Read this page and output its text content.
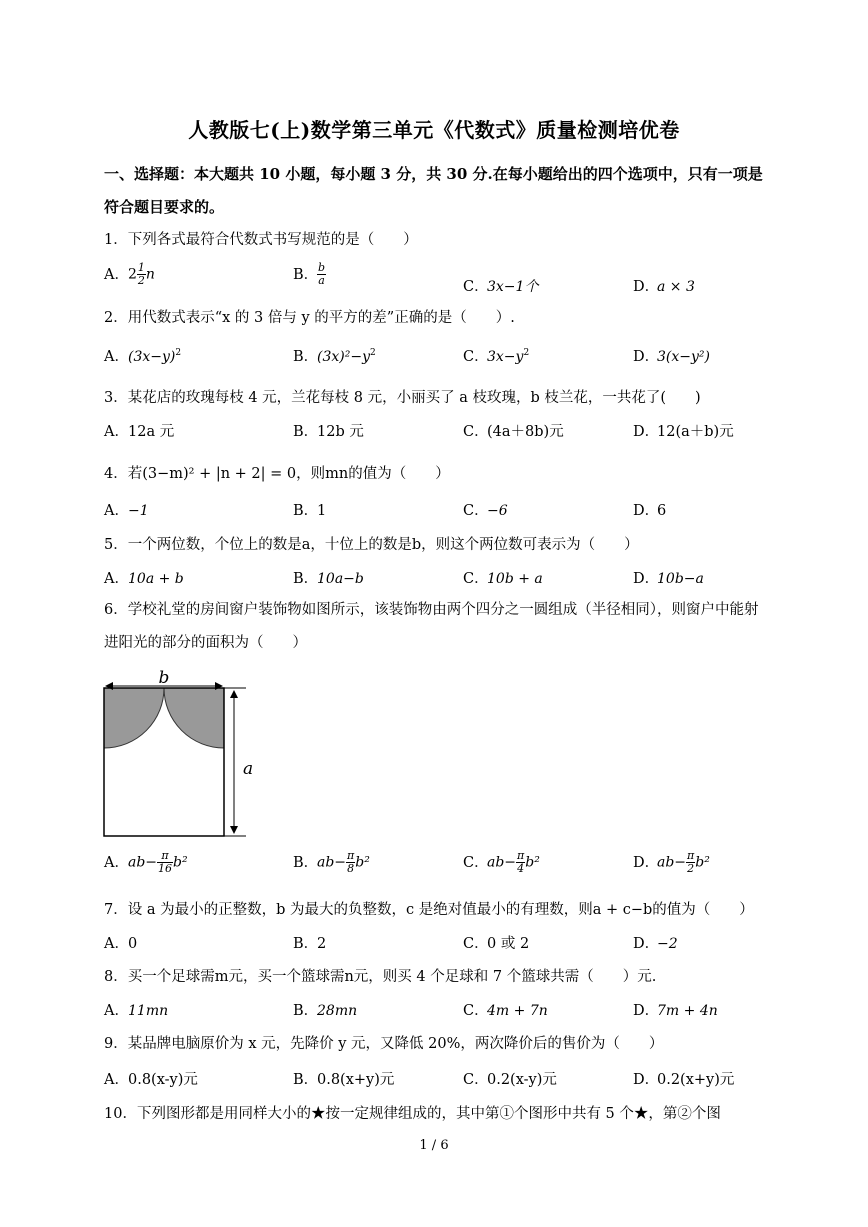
人教版七(上)数学第三单元《代数式》质量检测培优卷
一、选择题：本大题共 10 小题，每小题 3 分，共 30 分.在每小题给出的四个选项中，只有一项是符合题目要求的。
1．下列各式最符合代数式书写规范的是（　　）
A．$2 \frac{1}{2}$ n	B．
$\frac{b}{a}$	C．3x−1个	D．a × 3
2．用代数式表示“x 的 3 倍与 y 的平方的差”正确的是（　　）.
A．$(3x-y)^2$	B．$(3x)^2-y^2$	C．$3x-y^2$	D．3(x−y²)
3．某花店的玫瑰每枝 4 元，兰花每枝 8 元，小丽买了 a 枝玫瑰，b 枝兰花，一共花了(　　)
A．12a 元	B．12b 元	C．(4a＋8b)元	D．12(a＋b)元
4．若(3−m)² + |n + 2| = 0，则mn的值为（　　）
A．−1	B．1	C．−6	D．6
5．一个两位数，个位上的数是a，十位上的数是b，则这个两位数可表示为（　　）
A．10a + b	B．10a−b	C．10b + a	D．10b−a
6．学校礼堂的房间窗户装饰物如图所示，该装饰物由两个四分之一圆组成（半径相同），则窗户中能射进阳光的部分的面积为（　　）
b
a
A．$ab- \frac{\pi}{16} b^2$	B．$ab- \frac{\pi}{8} b^2$	C．$ab- \frac{\pi}{4} b^2$	D．$ab- \frac{\pi}{2} b^2$
7．设 a 为最小的正整数，b 为最大的负整数，c 是绝对值最小的有理数，则a + c−b的值为（　　）
A．0	B．2	C．0 或 2	D．−2
8．买一个足球需m元，买一个篮球需n元，则买 4 个足球和 7 个篮球共需（　　）元.
A．11mn	B．28mn	C．4m + 7n	D．7m + 4n
9．某品牌电脑原价为 x 元，先降价 y 元，又降低 20%，两次降价后的售价为（　　）
A．0.8(x-y)元	B．0.8(x+y)元	C．0.2(x-y)元	D．0.2(x+y)元
10．下列图形都是用同样大小的★按一定规律组成的，其中第①个图形中共有 5 个★，第②个图
1 / 6
